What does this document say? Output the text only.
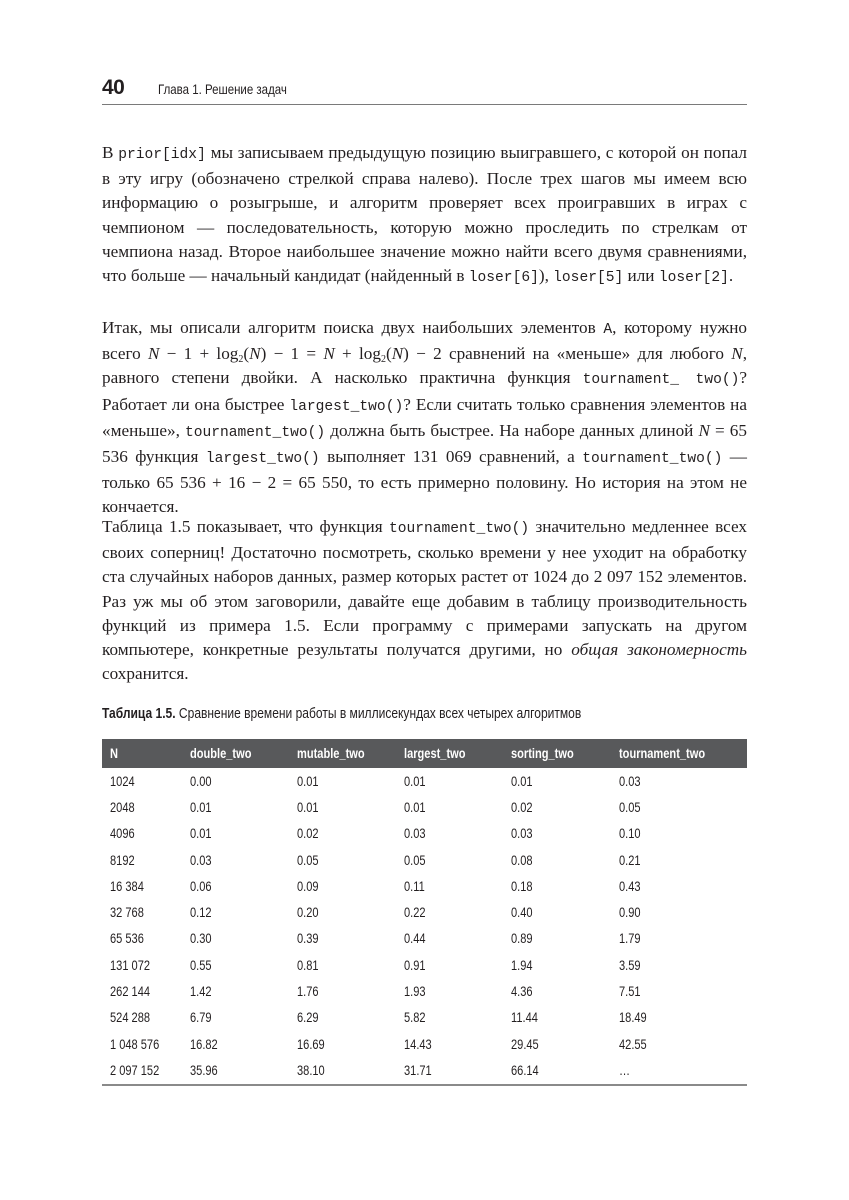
40	Глава 1. Решение задач

В prior[idx] мы записываем предыдущую позицию выигравшего, с которой он попал в эту игру (обозначено стрелкой справа налево). После трех шагов мы имеем всю информацию о розыгрыше, и алгоритм проверяет всех проигравших в играх с чемпионом — последовательность, которую можно проследить по стрелкам от чемпиона назад. Второе наибольшее значение можно найти всего двумя сравнениями, что больше — начальный кандидат (найденный в loser[6]), loser[5] или loser[2].

Итак, мы описали алгоритм поиска двух наибольших элементов A, которому нужно всего $N - 1 + \log_2(N) - 1 = N + \log_2(N) - 2$ сравнений на «меньше» для любого N, равного степени двойки. А насколько практична функция tournament_ two()? Работает ли она быстрее largest_two()? Если считать только сравнения элементов на «меньше», tournament_two() должна быть быстрее. На наборе данных длиной N = 65 536 функция largest_two() выполняет 131 069 сравнений, а tournament_two() — только 65 536 + 16 − 2 = 65 550, то есть примерно половину. Но история на этом не кончается.

Таблица 1.5 показывает, что функция tournament_two() значительно медленнее всех своих соперниц! Достаточно посмотреть, сколько времени у нее уходит на обработку ста случайных наборов данных, размер которых растет от 1024 до 2 097 152 элементов. Раз уж мы об этом заговорили, давайте еще добавим в таблицу производительность функций из примера 1.5. Если программу с примерами запускать на другом компьютере, конкретные результаты получатся другими, но общая закономерность сохранится.

Таблица 1.5. Сравнение времени работы в миллисекундах всех четырех алгоритмов
N	double_two	mutable_two	largest_two	sorting_two	tournament_two
1024	0.00	0.01	0.01	0.01	0.03
2048	0.01	0.01	0.01	0.02	0.05
4096	0.01	0.02	0.03	0.03	0.10
8192	0.03	0.05	0.05	0.08	0.21
16 384	0.06	0.09	0.11	0.18	0.43
32 768	0.12	0.20	0.22	0.40	0.90
65 536	0.30	0.39	0.44	0.89	1.79
131 072	0.55	0.81	0.91	1.94	3.59
262 144	1.42	1.76	1.93	4.36	7.51
524 288	6.79	6.29	5.82	11.44	18.49
1 048 576	16.82	16.69	14.43	29.45	42.55
2 097 152	35.96	38.10	31.71	66.14	…
